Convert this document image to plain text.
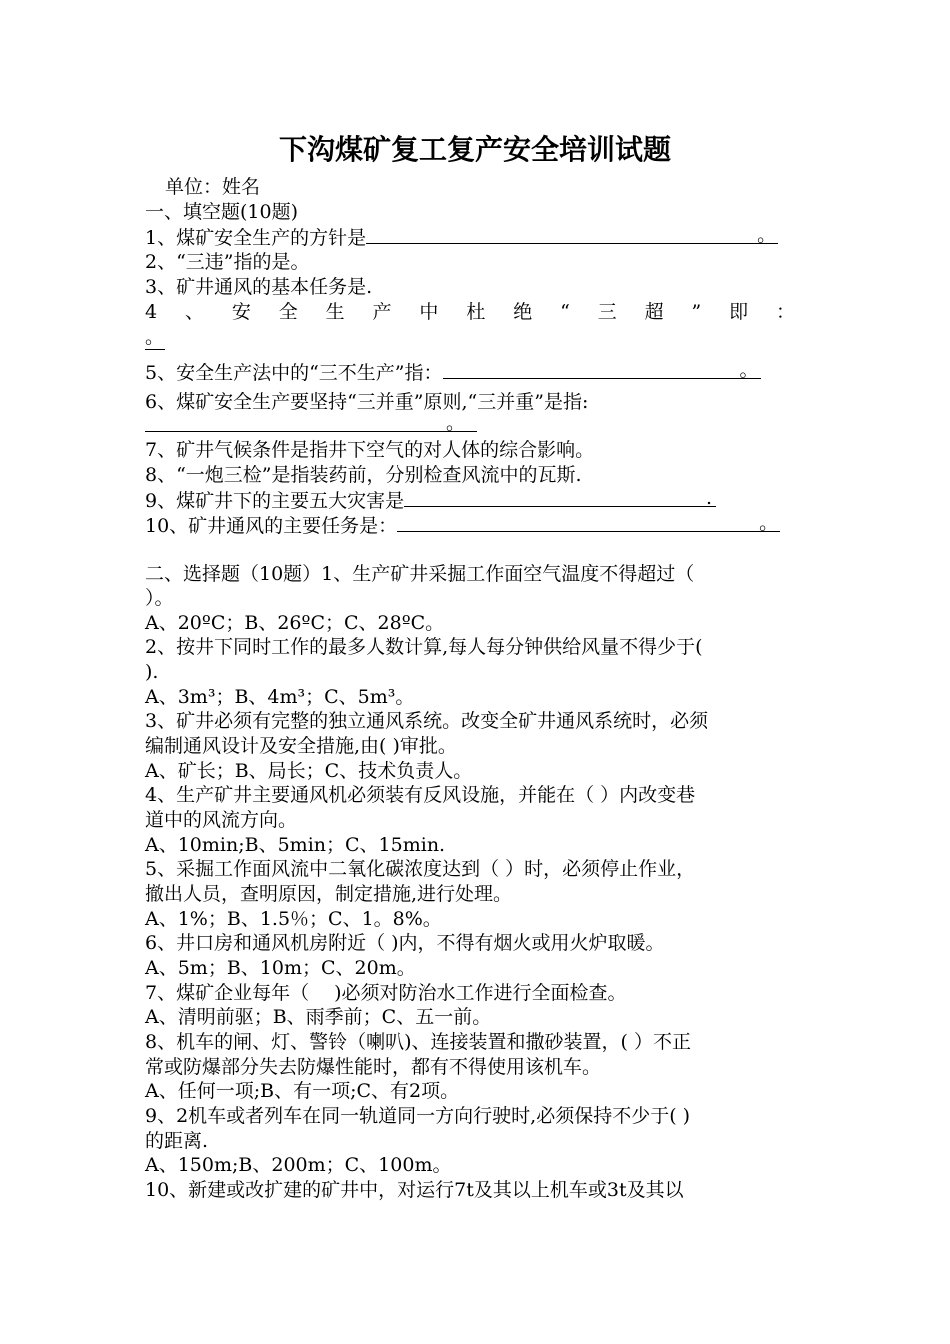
下沟煤矿复工复产安全培训试题
单位：姓名
一、填空题(10题)
1、煤矿安全生产的方针是	。
2、“三违”指的是。
3、矿井通风的基本任务是.
4 、 安 全 生 产 中 杜 绝 “ 三 超 ” 即 ：
。
5、安全生产法中的“三不生产”指：	。
6、煤矿安全生产要坚持“三并重”原则,“三并重”是指:
。
7、矿井气候条件是指井下空气的对人体的综合影响。
8、“一炮三检”是指装药前，分别检查风流中的瓦斯.
9、煤矿井下的主要五大灾害是	.
10、矿井通风的主要任务是：	。
二、选择题（10题）1、生产矿井采掘工作面空气温度不得超过（
）。
A、20ºC；B、26ºC；C、28ºC。
2、按井下同时工作的最多人数计算,每人每分钟供给风量不得少于(
).
A、3m³；B、4m³；C、5m³。
3、矿井必须有完整的独立通风系统。改变全矿井通风系统时，必须
编制通风设计及安全措施,由( )审批。
A、矿长；B、局长；C、技术负责人。
4、生产矿井主要通风机必须装有反风设施，并能在（ ）内改变巷
道中的风流方向。
A、10min;B、5min；C、15min.
5、采掘工作面风流中二氧化碳浓度达到（ ）时，必须停止作业，
撤出人员，查明原因，制定措施,进行处理。
A、1%；B、1.5％；C、1。8%。
6、井口房和通风机房附近（ )内，不得有烟火或用火炉取暖。
A、5m；B、10m；C、20m。
7、煤矿企业每年（　 )必须对防治水工作进行全面检查。
A、清明前驱；B、雨季前；C、五一前。
8、机车的闸、灯、警铃（喇叭)、连接装置和撒砂装置，( ）不正
常或防爆部分失去防爆性能时，都有不得使用该机车。
A、任何一项;B、有一项;C、有2项。
9、2机车或者列车在同一轨道同一方向行驶时,必须保持不少于( )
的距离.
A、150m;B、200m；C、100m。
10、新建或改扩建的矿井中，对运行7t及其以上机车或3t及其以
